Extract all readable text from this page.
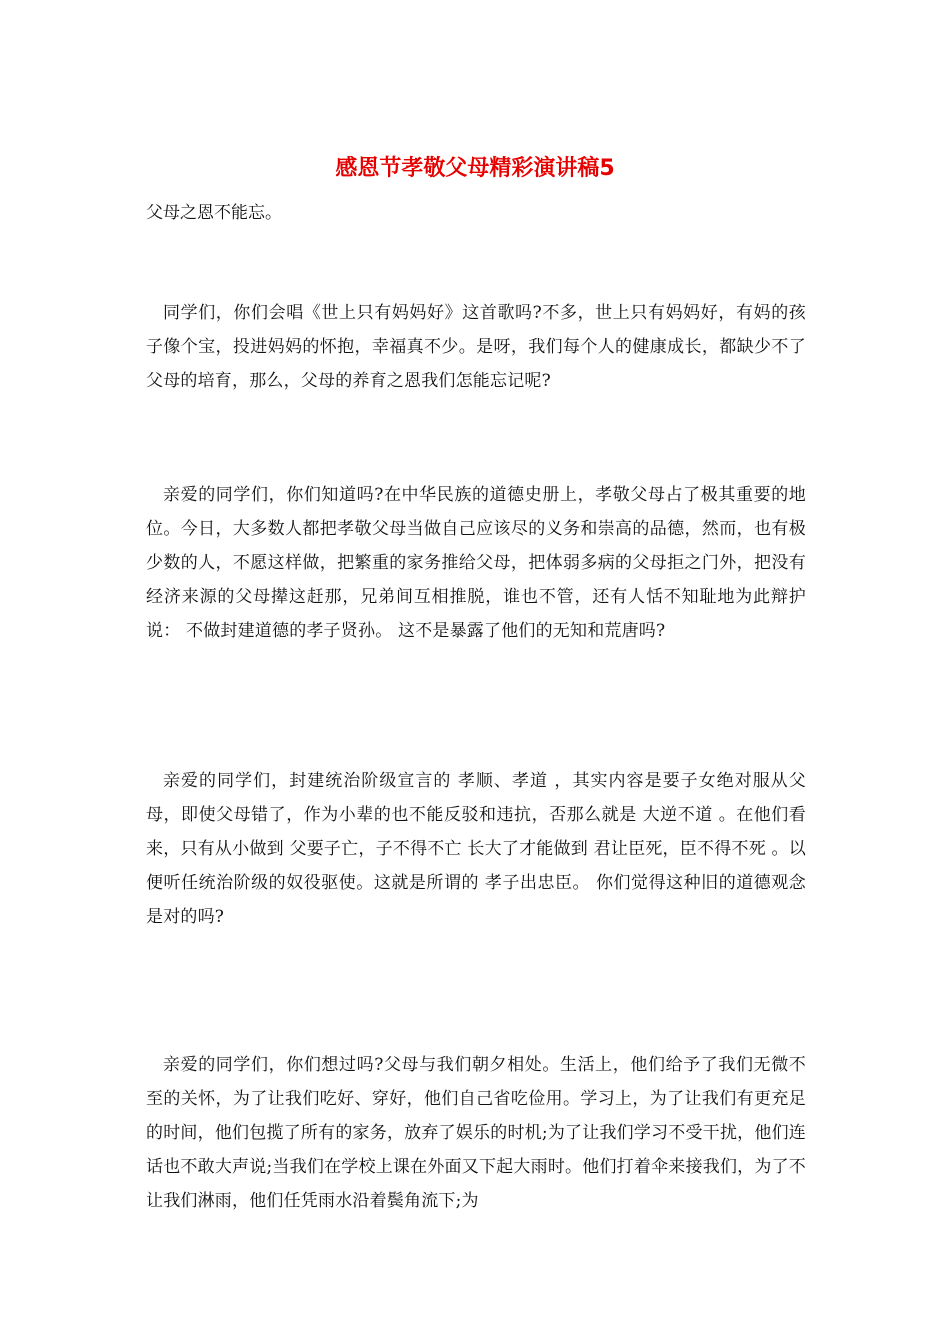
感恩节孝敬父母精彩演讲稿5

父母之恩不能忘。

同学们，你们会唱《世上只有妈妈好》这首歌吗?不多，世上只有妈妈好，有妈的孩子像个宝，投进妈妈的怀抱，幸福真不少。是呀，我们每个人的健康成长，都缺少不了父母的培育，那么，父母的养育之恩我们怎能忘记呢?

亲爱的同学们，你们知道吗?在中华民族的道德史册上，孝敬父母占了极其重要的地位。今日，大多数人都把孝敬父母当做自己应该尽的义务和崇高的品德，然而，也有极少数的人，不愿这样做，把繁重的家务推给父母，把体弱多病的父母拒之门外，把没有经济来源的父母撵这赶那，兄弟间互相推脱，谁也不管，还有人恬不知耻地为此辩护说： 不做封建道德的孝子贤孙。 这不是暴露了他们的无知和荒唐吗?

亲爱的同学们，封建统治阶级宣言的 孝顺、孝道 ，其实内容是要子女绝对服从父母，即使父母错了，作为小辈的也不能反驳和违抗，否那么就是 大逆不道 。在他们看来，只有从小做到 父要子亡，子不得不亡 长大了才能做到 君让臣死，臣不得不死 。以便听任统治阶级的奴役驱使。这就是所谓的 孝子出忠臣。 你们觉得这种旧的道德观念是对的吗?

亲爱的同学们，你们想过吗?父母与我们朝夕相处。生活上，他们给予了我们无微不至的关怀，为了让我们吃好、穿好，他们自己省吃俭用。学习上，为了让我们有更充足的时间，他们包揽了所有的家务，放弃了娱乐的时机;为了让我们学习不受干扰，他们连话也不敢大声说;当我们在学校上课在外面又下起大雨时。他们打着伞来接我们，为了不让我们淋雨，他们任凭雨水沿着鬓角流下;为
